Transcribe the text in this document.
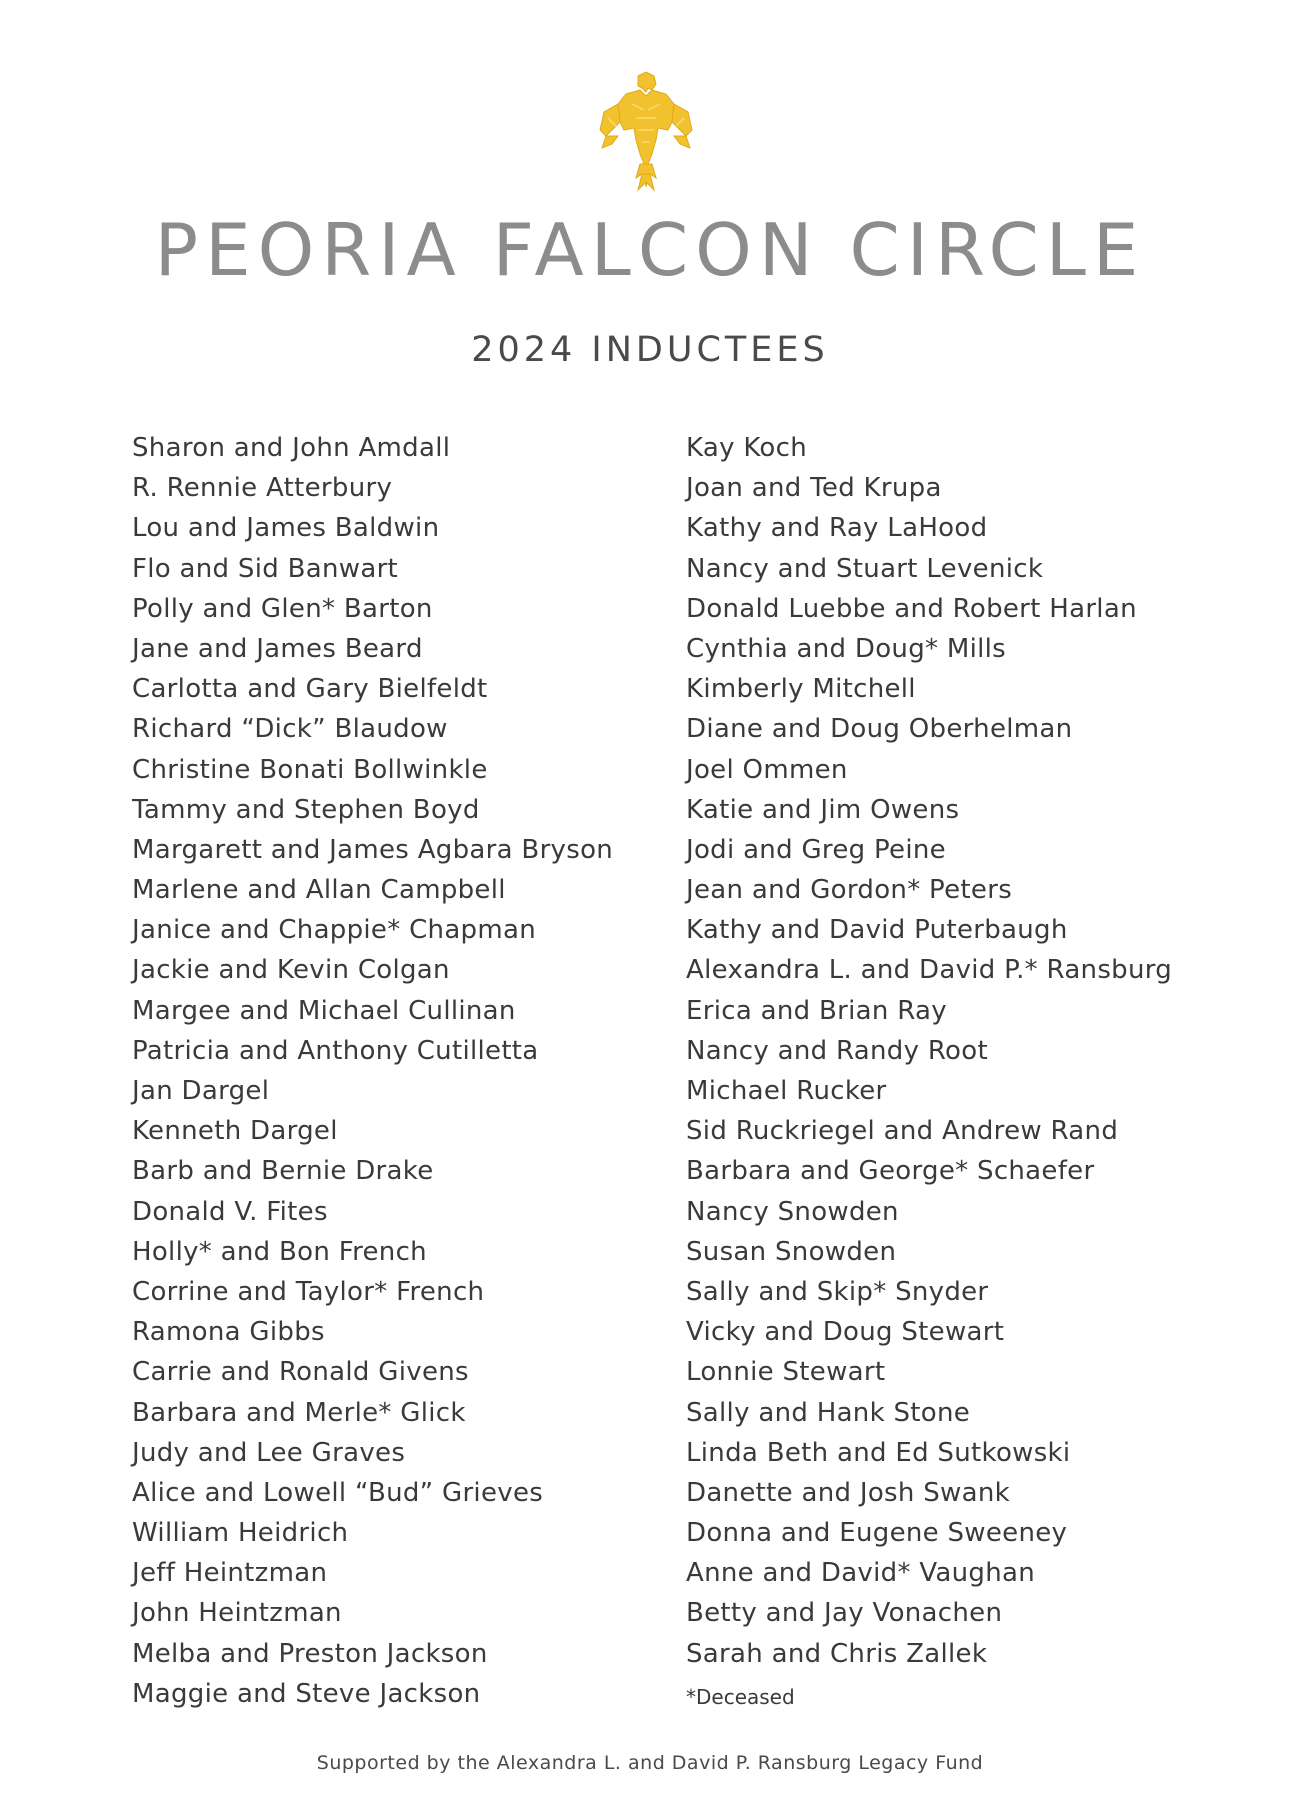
PEORIA FALCON CIRCLE
2024 INDUCTEES
Sharon and John Amdall
R. Rennie Atterbury
Lou and James Baldwin
Flo and Sid Banwart
Polly and Glen* Barton
Jane and James Beard
Carlotta and Gary Bielfeldt
Richard “Dick” Blaudow
Christine Bonati Bollwinkle
Tammy and Stephen Boyd
Margarett and James Agbara Bryson
Marlene and Allan Campbell
Janice and Chappie* Chapman
Jackie and Kevin Colgan
Margee and Michael Cullinan
Patricia and Anthony Cutilletta
Jan Dargel
Kenneth Dargel
Barb and Bernie Drake
Donald V. Fites
Holly* and Bon French
Corrine and Taylor* French
Ramona Gibbs
Carrie and Ronald Givens
Barbara and Merle* Glick
Judy and Lee Graves
Alice and Lowell “Bud” Grieves
William Heidrich
Jeff Heintzman
John Heintzman
Melba and Preston Jackson
Maggie and Steve Jackson
Kay Koch
Joan and Ted Krupa
Kathy and Ray LaHood
Nancy and Stuart Levenick
Donald Luebbe and Robert Harlan
Cynthia and Doug* Mills
Kimberly Mitchell
Diane and Doug Oberhelman
Joel Ommen
Katie and Jim Owens
Jodi and Greg Peine
Jean and Gordon* Peters
Kathy and David Puterbaugh
Alexandra L. and David P.* Ransburg
Erica and Brian Ray
Nancy and Randy Root
Michael Rucker
Sid Ruckriegel and Andrew Rand
Barbara and George* Schaefer
Nancy Snowden
Susan Snowden
Sally and Skip* Snyder
Vicky and Doug Stewart
Lonnie Stewart
Sally and Hank Stone
Linda Beth and Ed Sutkowski
Danette and Josh Swank
Donna and Eugene Sweeney
Anne and David* Vaughan
Betty and Jay Vonachen
Sarah and Chris Zallek
*Deceased
Supported by the Alexandra L. and David P. Ransburg Legacy Fund
